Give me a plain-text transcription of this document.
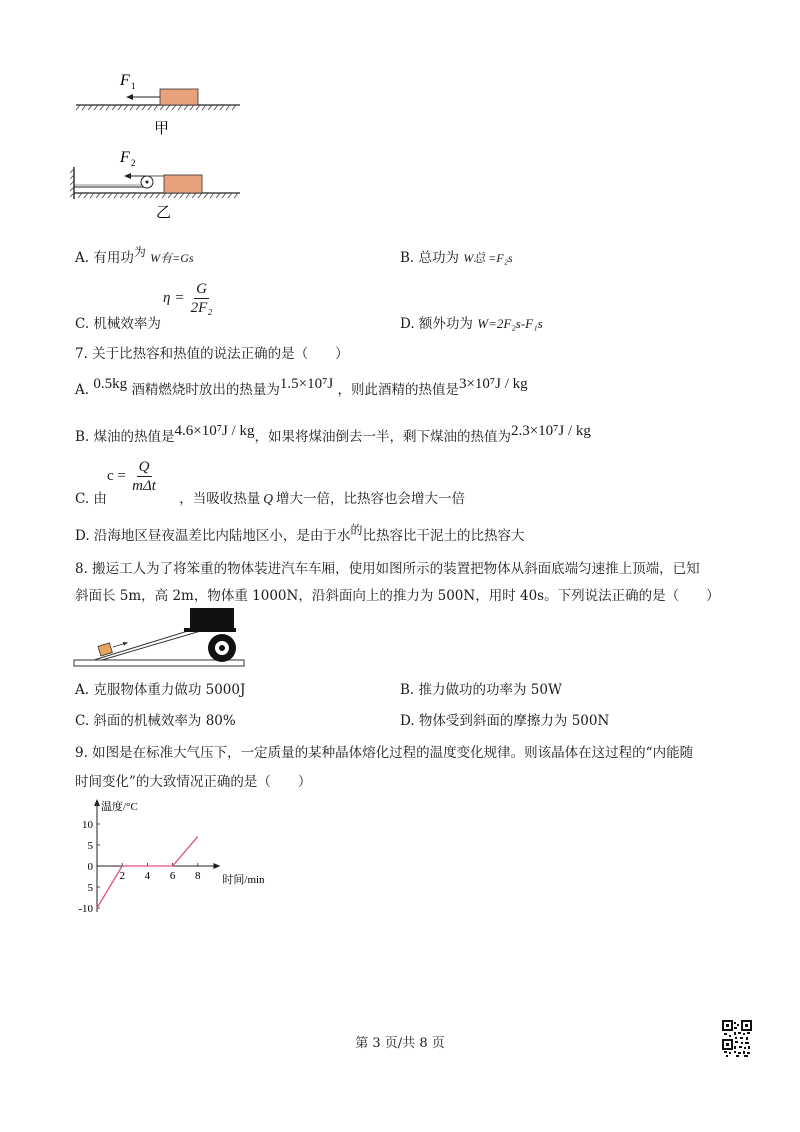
F 1
甲
F 2
乙
A. 有用功为 W有=Gs	B. 总功为 W总 =F₂s
C. 机械效率为
$\eta = \frac{G}{\text{2F₂}}$
D. 额外功为 W=2F₂s-F₁s
7. 关于比热容和热值的说法正确的是（　　）
A. 0.5kg 酒精燃烧时放出的热量为1.5×10⁷J ，则此酒精的热值是3×10⁷J / kg
B. 煤油的热值是4.6×10⁷J / kg，如果将煤油倒去一半，剩下煤油的热值为2.3×10⁷J / kg
$c = \frac{Q}{\text{mΔt}}$
C. 由	，当吸收热量 Q 增大一倍，比热容也会增大一倍
D. 沿海地区昼夜温差比内陆地区小，是由于水的比热容比干泥土的比热容大
8. 搬运工人为了将笨重的物体装进汽车车厢，使用如图所示的装置把物体从斜面底端匀速推上顶端，已知
斜面长 5m，高 2m，物体重 1000N，沿斜面向上的推力为 500N，用时 40s。下列说法正确的是（　　）
A. 克服物体重力做功 5000J	B. 推力做功的功率为 50W
C. 斜面的机械效率为 80%	D. 物体受到斜面的摩擦力为 500N
9. 如图是在标准大气压下，一定质量的某种晶体熔化过程的温度变化规律。则该晶体在这过程的“内能随
时间变化”的大致情况正确的是（　　）
温度/°C
时间/min
10
5
0
5
-10
2 4 6 8
第 3 页/共 8 页
